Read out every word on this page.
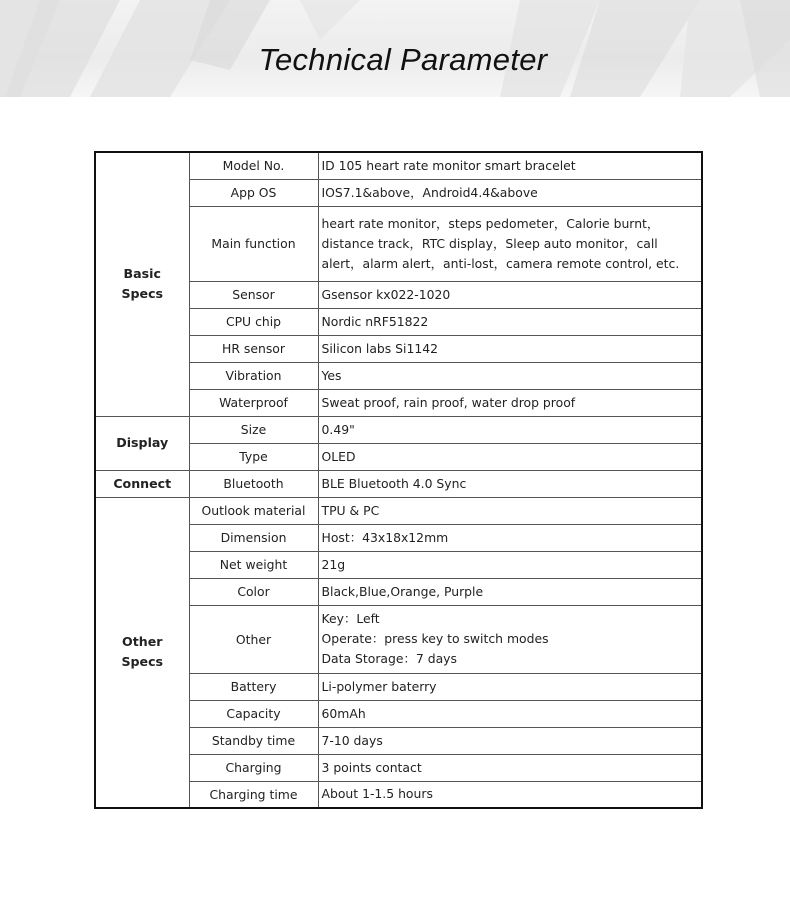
Technical Parameter
Basic
Specs	Model No.	ID 105 heart rate monitor smart bracelet
	App OS	IOS7.1&above，Android4.4&above
	Main function	heart rate monitor，steps pedometer，Calorie burnt，distance track，RTC display，Sleep auto monitor，call alert，alarm alert，anti-lost，camera remote control, etc.
	Sensor	Gsensor kx022-1020
	CPU chip	Nordic nRF51822
	HR sensor	Silicon labs Si1142
	Vibration	Yes
	Waterproof	Sweat proof, rain proof, water drop proof
Display	Size	0.49"
	Type	OLED
Connect	Bluetooth	BLE Bluetooth 4.0 Sync
Other
Specs	Outlook material	TPU & PC
	Dimension	Host：43x18x12mm
	Net weight	21g
	Color	Black,Blue,Orange, Purple
	Other	Key：Left
Operate：press key to switch modes
Data Storage：7 days
	Battery	Li-polymer baterry
	Capacity	60mAh
	Standby time	7-10 days
	Charging	3 points contact
	Charging time	About 1-1.5 hours
